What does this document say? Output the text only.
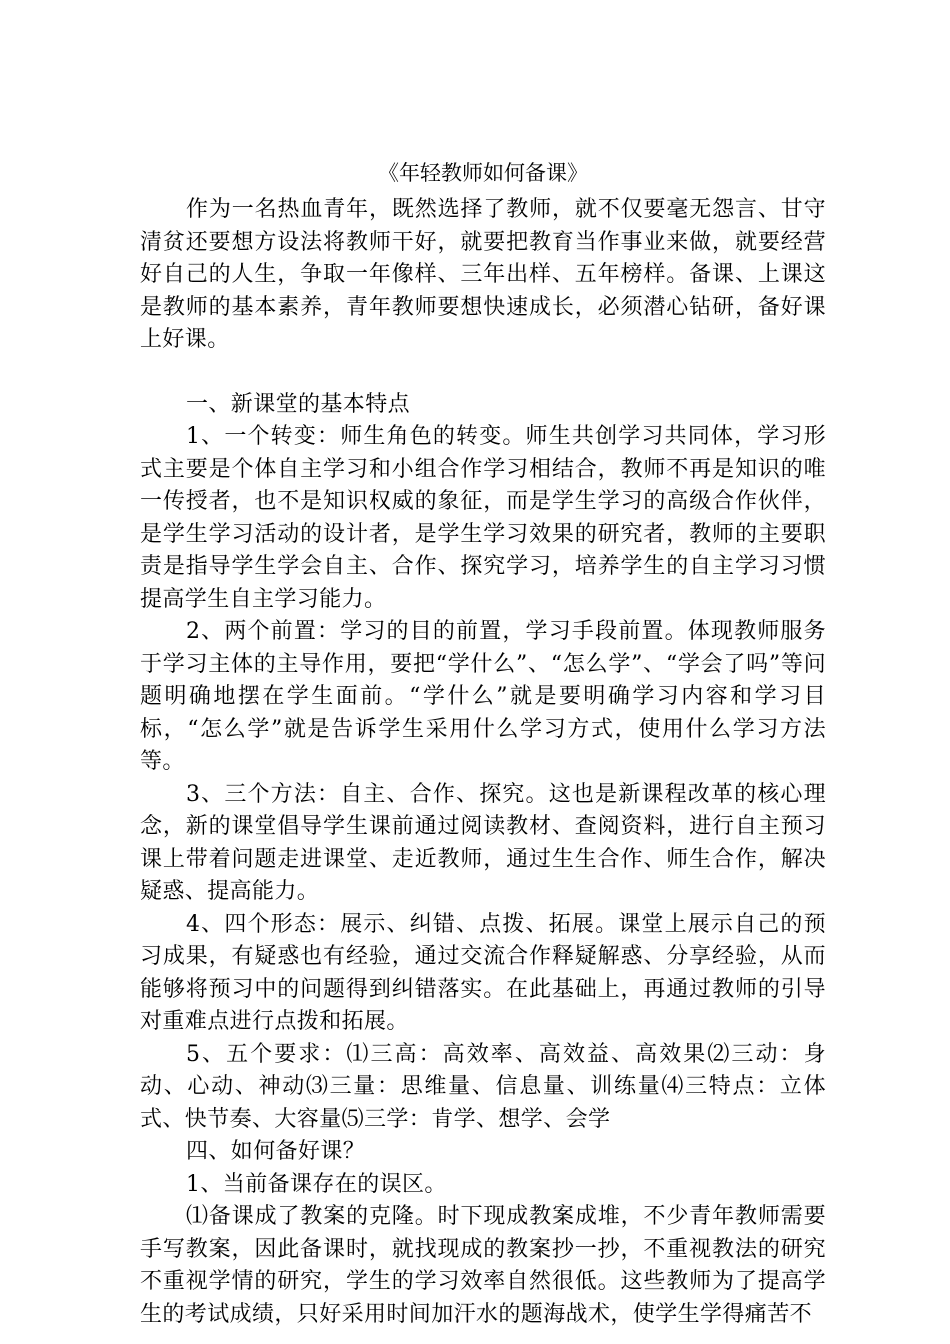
《年轻教师如何备课》

作为一名热血青年，既然选择了教师，就不仅要毫无怨言、甘守清贫还要想方设法将教师干好，就要把教育当作事业来做，就要经营好自己的人生，争取一年像样、三年出样、五年榜样。备课、上课这是教师的基本素养，青年教师要想快速成长，必须潜心钻研，备好课上好课。

一、新课堂的基本特点

1、一个转变：师生角色的转变。师生共创学习共同体，学习形式主要是个体自主学习和小组合作学习相结合，教师不再是知识的唯一传授者，也不是知识权威的象征，而是学生学习的高级合作伙伴，是学生学习活动的设计者，是学生学习效果的研究者，教师的主要职责是指导学生学会自主、合作、探究学习，培养学生的自主学习习惯提高学生自主学习能力。

2、两个前置：学习的目的前置，学习手段前置。体现教师服务于学习主体的主导作用，要把“学什么”、“怎么学”、“学会了吗”等问题明确地摆在学生面前。“学什么”就是要明确学习内容和学习目标，“怎么学”就是告诉学生采用什么学习方式，使用什么学习方法等。

3、三个方法：自主、合作、探究。这也是新课程改革的核心理念，新的课堂倡导学生课前通过阅读教材、查阅资料，进行自主预习课上带着问题走进课堂、走近教师，通过生生合作、师生合作，解决疑惑、提高能力。

4、四个形态：展示、纠错、点拨、拓展。课堂上展示自己的预习成果，有疑惑也有经验，通过交流合作释疑解惑、分享经验，从而能够将预习中的问题得到纠错落实。在此基础上，再通过教师的引导对重难点进行点拨和拓展。

5、五个要求：⑴三高：高效率、高效益、高效果⑵三动：身动、心动、神动⑶三量：思维量、信息量、训练量⑷三特点：立体式、快节奏、大容量⑸三学：肯学、想学、会学

四、如何备好课？

1、当前备课存在的误区。

⑴备课成了教案的克隆。时下现成教案成堆，不少青年教师需要手写教案，因此备课时，就找现成的教案抄一抄，不重视教法的研究不重视学情的研究，学生的学习效率自然很低。这些教师为了提高学生的考试成绩，只好采用时间加汗水的题海战术，使学生学得痛苦不
